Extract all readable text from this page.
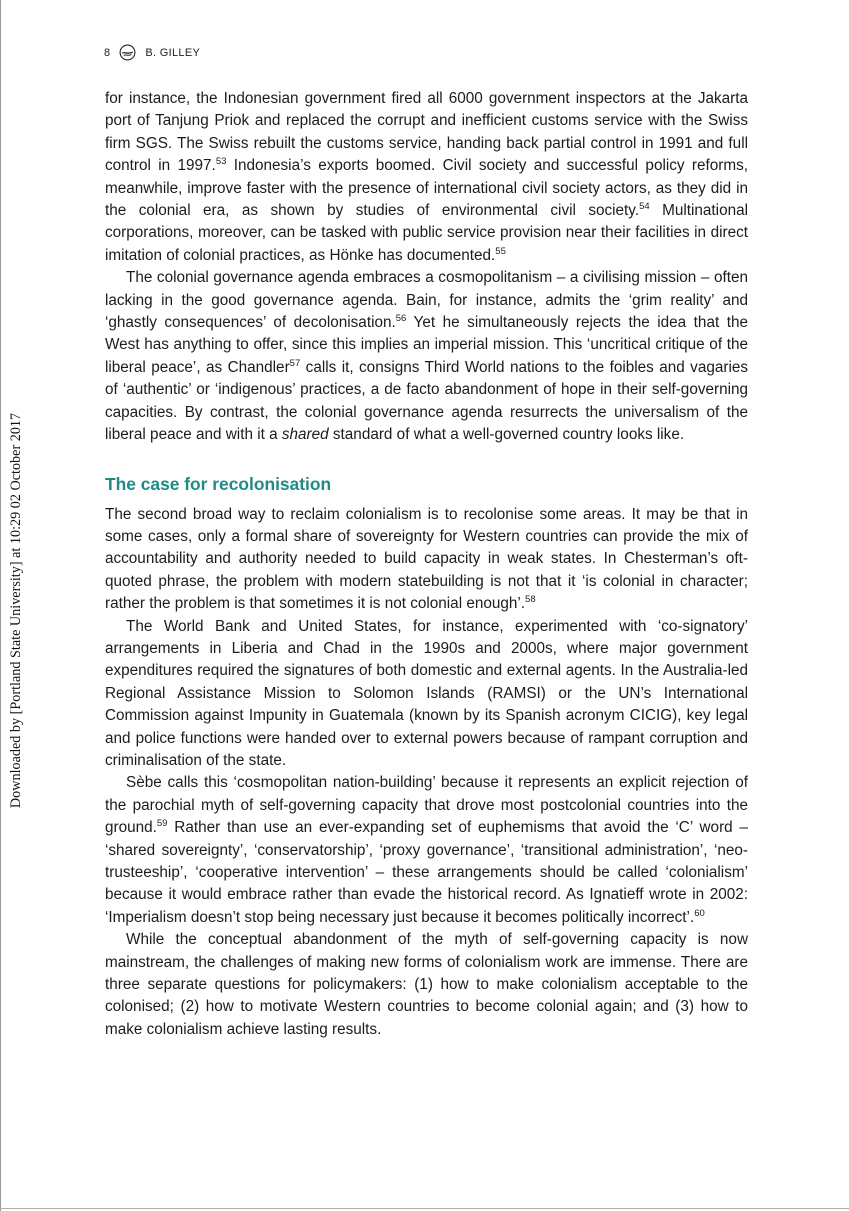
8	B. GILLEY
Downloaded by [Portland State University] at 10:29 02 October 2017

for instance, the Indonesian government fired all 6000 government inspectors at the Jakarta port of Tanjung Priok and replaced the corrupt and inefficient customs service with the Swiss firm SGS. The Swiss rebuilt the customs service, handing back partial control in 1991 and full control in 1997.53 Indonesia’s exports boomed. Civil society and successful policy reforms, meanwhile, improve faster with the presence of international civil society actors, as they did in the colonial era, as shown by studies of environmental civil society.$^{54}$ Multinational corporations, moreover, can be tasked with public service provision near their facilities in direct imitation of colonial practices, as Hönke has documented.$^{55}$

The colonial governance agenda embraces a cosmopolitanism – a civilising mission – often lacking in the good governance agenda. Bain, for instance, admits the ‘grim reality’ and ‘ghastly consequences’ of decolonisation.$^{56}$ Yet he simultaneously rejects the idea that the West has anything to offer, since this implies an imperial mission. This ‘uncritical critique of the liberal peace’, as Chandler$^{57}$ calls it, consigns Third World nations to the foibles and vagaries of ‘authentic’ or ‘indigenous’ practices, a de facto abandonment of hope in their self-governing capacities. By contrast, the colonial governance agenda resurrects the universalism of the liberal peace and with it a shared standard of what a well-governed country looks like.

The case for recolonisation

The second broad way to reclaim colonialism is to recolonise some areas. It may be that in some cases, only a formal share of sovereignty for Western countries can provide the mix of accountability and authority needed to build capacity in weak states. In Chesterman’s oft-quoted phrase, the problem with modern statebuilding is not that it ‘is colonial in character; rather the problem is that sometimes it is not colonial enough’.$^{58}$

The World Bank and United States, for instance, experimented with ‘co-signatory’ arrangements in Liberia and Chad in the 1990s and 2000s, where major government expenditures required the signatures of both domestic and external agents. In the Australia-led Regional Assistance Mission to Solomon Islands (RAMSI) or the UN’s International Commission against Impunity in Guatemala (known by its Spanish acronym CICIG), key legal and police functions were handed over to external powers because of rampant corruption and criminalisation of the state.

Sèbe calls this ‘cosmopolitan nation-building’ because it represents an explicit rejection of the parochial myth of self-governing capacity that drove most postcolonial countries into the ground.$^{59}$ Rather than use an ever-expanding set of euphemisms that avoid the ‘C’ word – ‘shared sovereignty’, ‘conservatorship’, ‘proxy governance’, ‘transitional administration’, ‘neo-trusteeship’, ‘cooperative intervention’ – these arrangements should be called ‘colonialism’ because it would embrace rather than evade the historical record. As Ignatieff wrote in 2002: ‘Imperialism doesn’t stop being necessary just because it becomes politically incorrect’.$^{60}$

While the conceptual abandonment of the myth of self-governing capacity is now mainstream, the challenges of making new forms of colonialism work are immense. There are three separate questions for policymakers: (1) how to make colonialism acceptable to the colonised; (2) how to motivate Western countries to become colonial again; and (3) how to make colonialism achieve lasting results.
